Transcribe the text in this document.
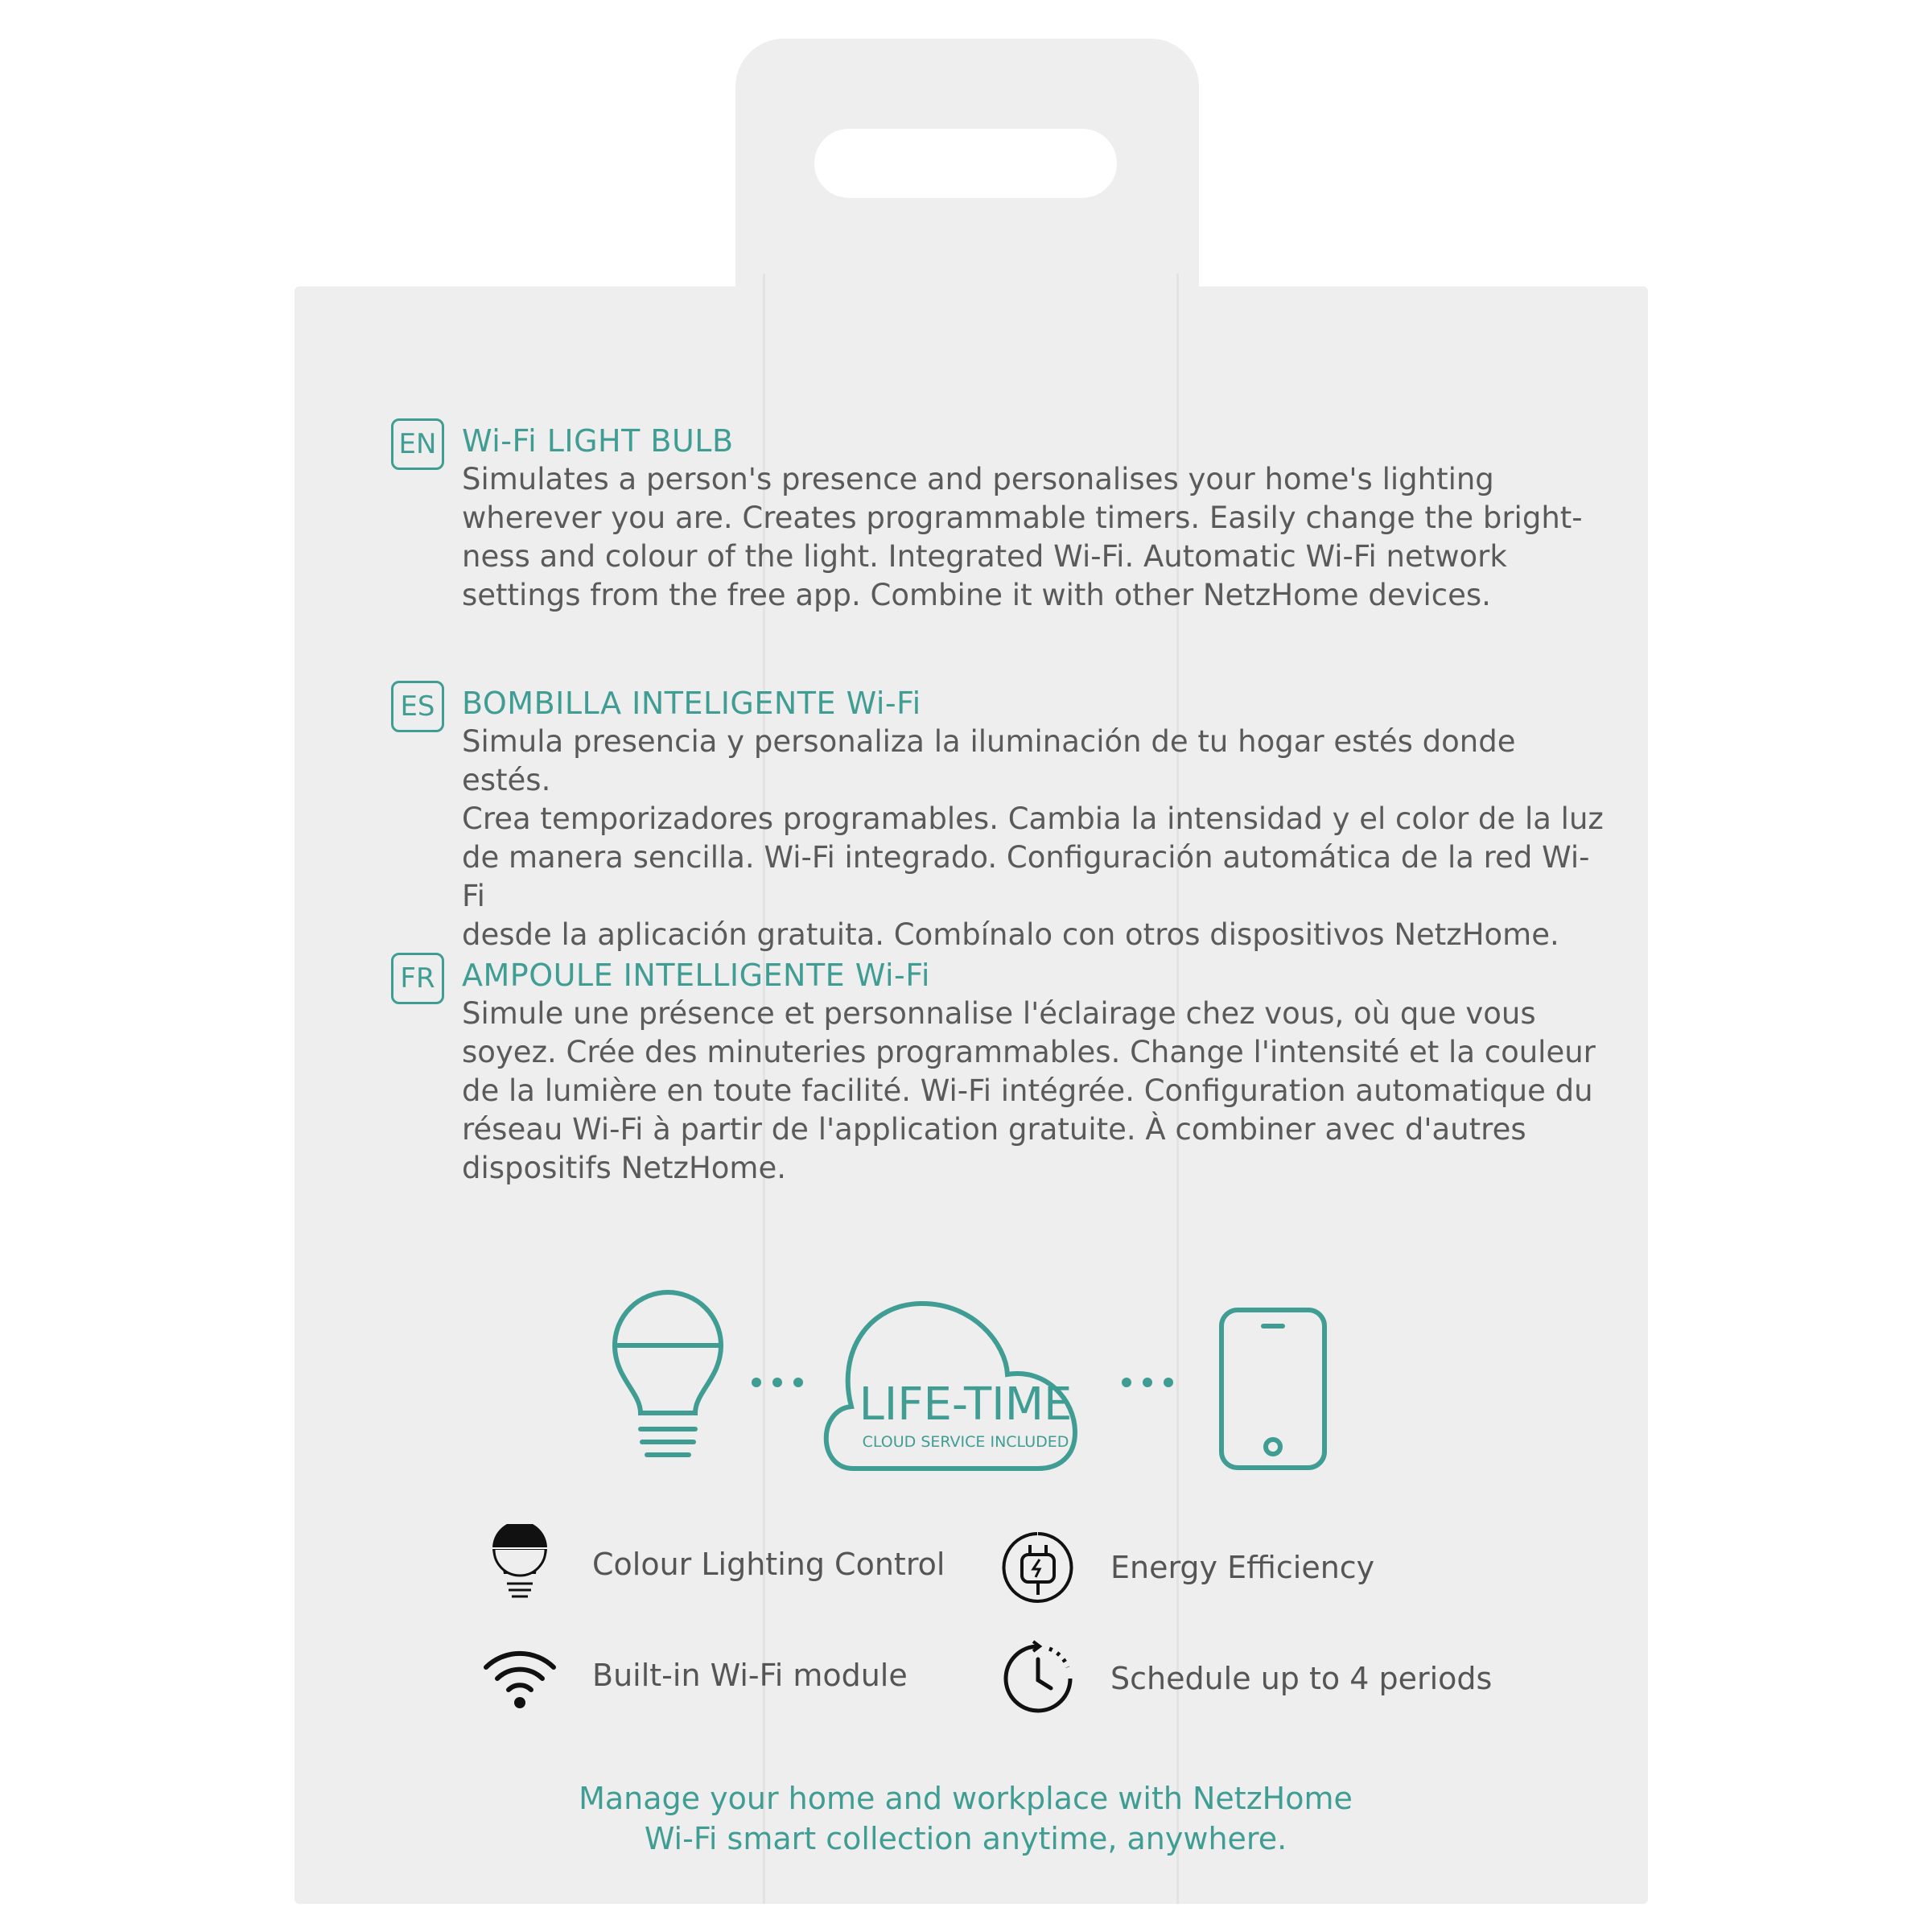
EN Wi-Fi LIGHT BULB
Simulates a person's presence and personalises your home's lighting
wherever you are. Creates programmable timers. Easily change the bright-
ness and colour of the light. Integrated Wi-Fi. Automatic Wi-Fi network
settings from the free app. Combine it with other NetzHome devices.
ES BOMBILLA INTELIGENTE Wi-Fi
Simula presencia y personaliza la iluminación de tu hogar estés donde estés.
Crea temporizadores programables. Cambia la intensidad y el color de la luz
de manera sencilla. Wi-Fi integrado. Configuración automática de la red Wi-Fi
desde la aplicación gratuita. Combínalo con otros dispositivos NetzHome.
FR AMPOULE INTELLIGENTE Wi-Fi
Simule une présence et personnalise l'éclairage chez vous, où que vous
soyez. Crée des minuteries programmables. Change l'intensité et la couleur
de la lumière en toute facilité. Wi-Fi intégrée. Configuration automatique du
réseau Wi-Fi à partir de l'application gratuite. À combiner avec d'autres
dispositifs NetzHome.
LIFE-TIME
CLOUD SERVICE INCLUDED
Colour Lighting Control	Energy Efficiency
Built-in Wi-Fi module	Schedule up to 4 periods
Manage your home and workplace with NetzHome
Wi-Fi smart collection anytime, anywhere.
